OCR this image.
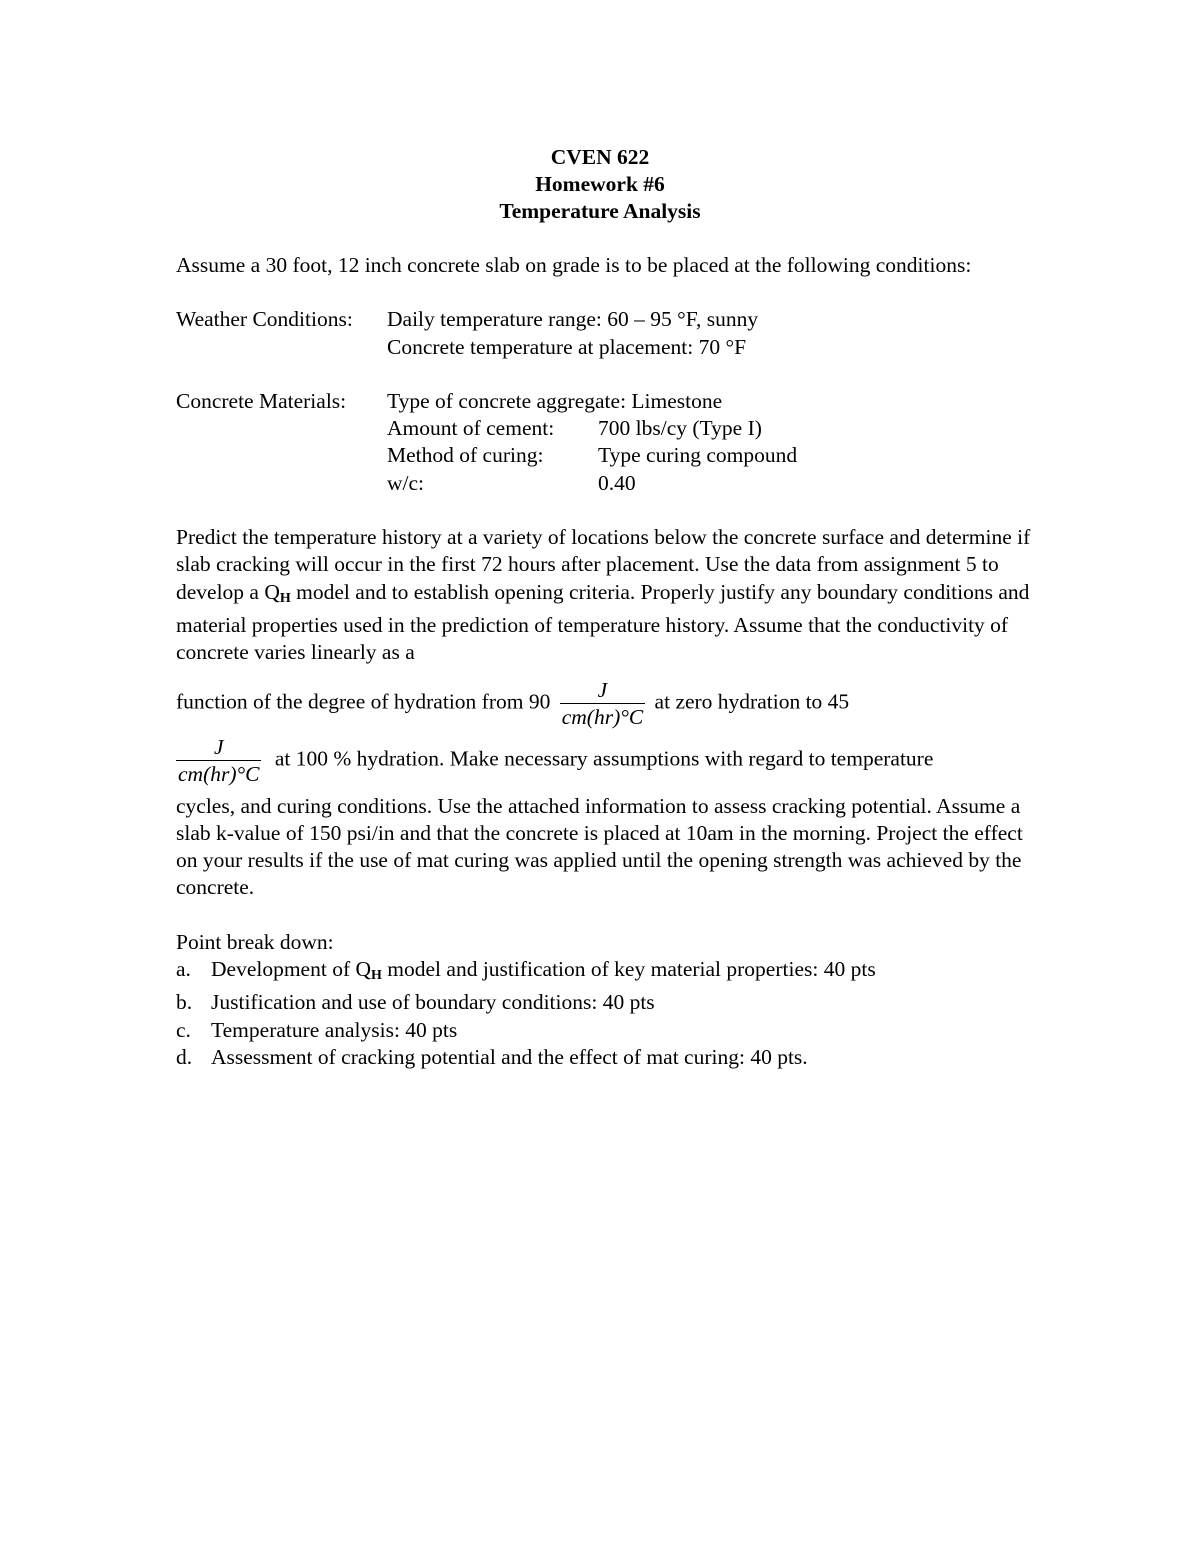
CVEN 622
Homework #6
Temperature Analysis

Assume a 30 foot, 12 inch concrete slab on grade is to be placed at the following conditions:

Weather Conditions:	Daily temperature range: 60 – 95 °F, sunny
Concrete temperature at placement: 70 °F
Concrete Materials:	Type of concrete aggregate: Limestone
Amount of cement:	700 lbs/cy (Type I)
Method of curing:	Type curing compound
w/c:	0.40

Predict the temperature history at a variety of locations below the concrete surface and determine if slab cracking will occur in the first 72 hours after placement. Use the data from assignment 5 to develop a $Q_H$ model and to establish opening criteria. Properly justify any boundary conditions and material properties used in the prediction of temperature history. Assume that the conductivity of concrete varies linearly as a

function of the degree of hydration from $90 \frac{J}{cm(hr)^\circ C}$ at zero hydration to 45
$\frac{J}{cm(hr)^\circ C}$ at 100 % hydration. Make necessary assumptions with regard to temperature

cycles, and curing conditions. Use the attached information to assess cracking potential. Assume a slab k-value of 150 psi/in and that the concrete is placed at 10am in the morning. Project the effect on your results if the use of mat curing was applied until the opening strength was achieved by the concrete.

Point break down:
a. Development of $Q_H$ model and justification of key material properties: 40 pts
b. Justification and use of boundary conditions: 40 pts
c. Temperature analysis: 40 pts
d. Assessment of cracking potential and the effect of mat curing: 40 pts.
